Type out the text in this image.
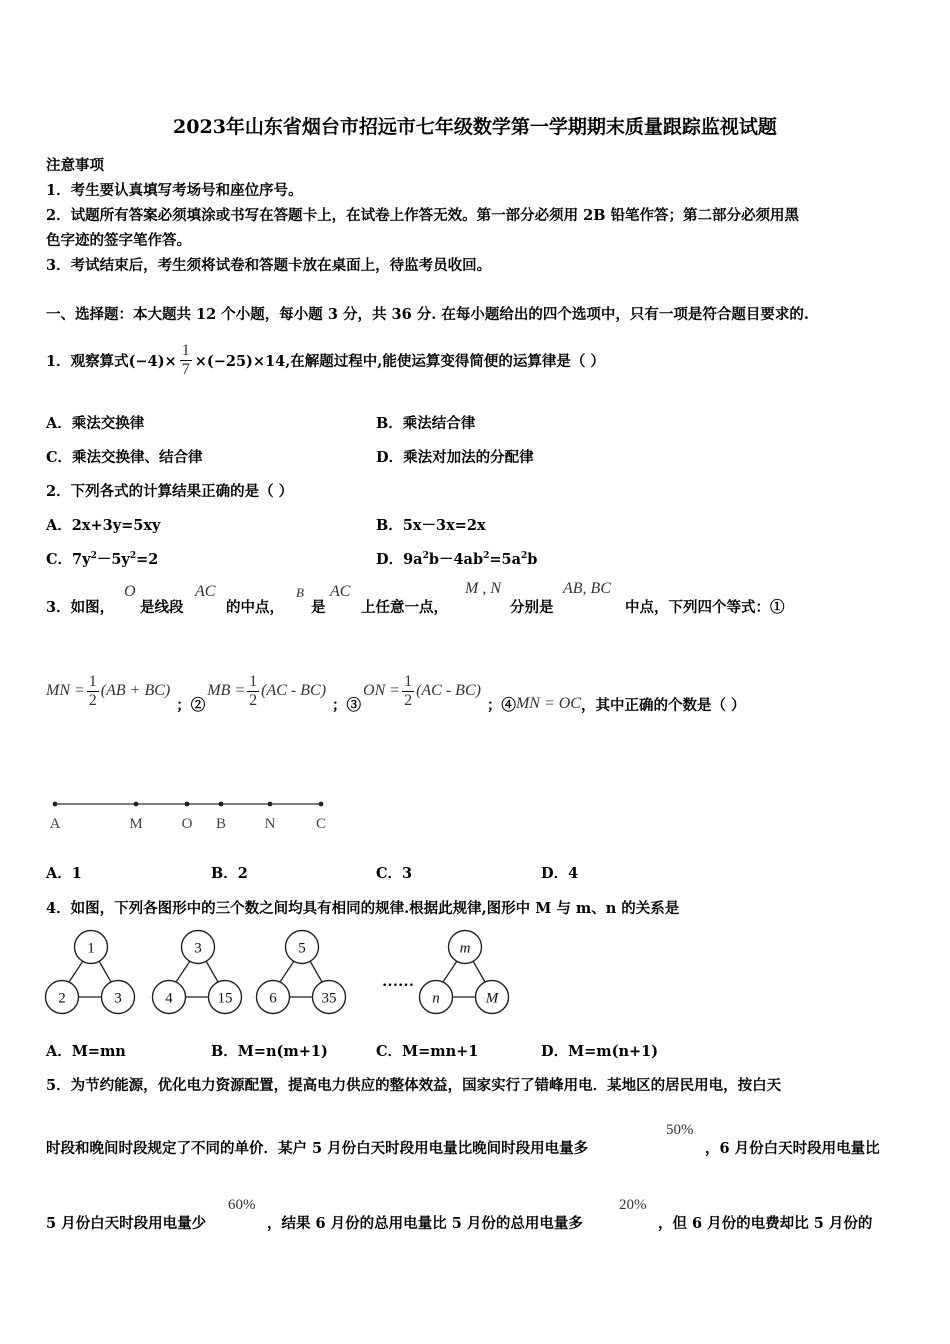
2023年山东省烟台市招远市七年级数学第一学期期末质量跟踪监视试题
注意事项
1．考生要认真填写考场号和座位序号。
2．试题所有答案必须填涂或书写在答题卡上，在试卷上作答无效。第一部分必须用 2B 铅笔作答；第二部分必须用黑
色字迹的签字笔作答。
3．考试结束后，考生须将试卷和答题卡放在桌面上，待监考员收回。
一、选择题：本大题共 12 个小题，每小题 3 分，共 36 分. 在每小题给出的四个选项中，只有一项是符合题目要求的.
1．观察算式$(-4)\times \frac{1}{7} \times(-25)\times 14$,在解题过程中,能使运算变得简便的运算律是（ ）
A．乘法交换律	B．乘法结合律
C．乘法交换律、结合律	D．乘法对加法的分配律
2．下列各式的计算结果正确的是（ ）
A．2x+3y=5xy	B．5x－3x=2x
C．$7y^2-5y^2=2$	D．$9a^2b-4ab^2=5a^2b$
3．如图，
O
是线段
AC
的中点，
B
是
AC
上任意一点，
M , N
分别是
AB, BC
中点，下列四个等式：①
MN = $\frac{1}{2} (AB + BC)$
；②
MB = $\frac{1}{2} (AC - BC)$
；③
ON = $\frac{1}{2} (AC - BC)$
；④ MN = OC ，其中正确的个数是（ ）
A	M	O B	N	C
A．1	B．2	C．3	D．4
4．如图，下列各图形中的三个数之间均具有相同的规律.根据此规律,图形中 M 与 m、n 的关系是
1
2	3
3
4	15
5
6	35
m
n	M
……
A．M=mn	B．M=n(m+1)	C．M=mn+1	D．M=m(n+1)
5．为节约能源，优化电力资源配置，提高电力供应的整体效益，国家实行了错峰用电．某地区的居民用电，按白天
时段和晚间时段规定了不同的单价．某户 5 月份白天时段用电量比晚间时段用电量多
50%
，6 月份白天时段用电量比
5 月份白天时段用电量少
60%
，结果 6 月份的总用电量比 5 月份的总用电量多
20%
，但 6 月份的电费却比 5 月份的
